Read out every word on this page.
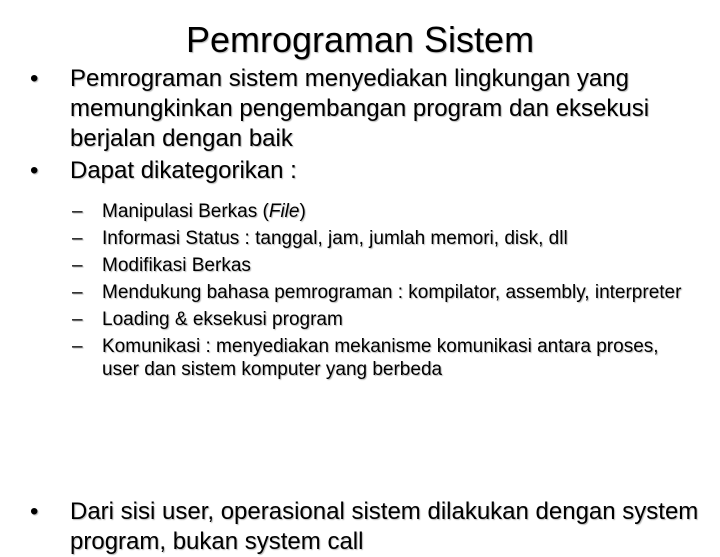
Pemrograman Sistem
•	Pemrograman sistem menyediakan lingkungan yang memungkinkan pengembangan program dan eksekusi berjalan dengan baik
•	Dapat dikategorikan :
– Manipulasi Berkas (File)
– Informasi Status : tanggal, jam, jumlah memori, disk, dll
– Modifikasi Berkas
– Mendukung bahasa pemrograman : kompilator, assembly, interpreter
– Loading & eksekusi program
– Komunikasi : menyediakan mekanisme komunikasi antara proses, user dan sistem komputer yang berbeda
•	Dari sisi user, operasional sistem dilakukan dengan system program, bukan system call
